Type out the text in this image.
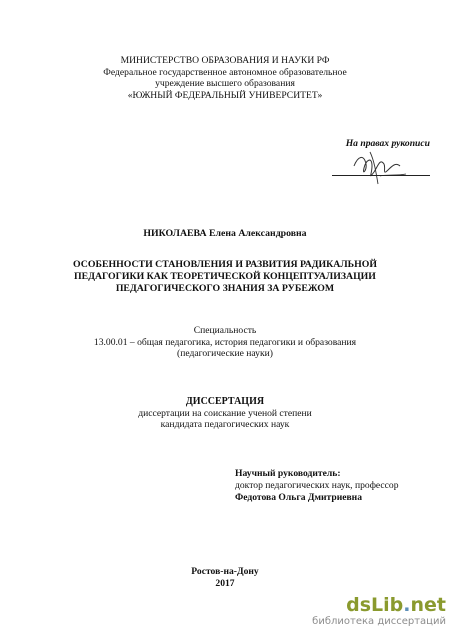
МИНИСТЕРСТВО ОБРАЗОВАНИЯ И НАУКИ РФ
Федеральное государственное автономное образовательное
учреждение высшего образования
«ЮЖНЫЙ ФЕДЕРАЛЬНЫЙ УНИВЕРСИТЕТ»
На правах рукописи
НИКОЛАЕВА Елена Александровна
ОСОБЕННОСТИ СТАНОВЛЕНИЯ И РАЗВИТИЯ РАДИКАЛЬНОЙ
ПЕДАГОГИКИ КАК ТЕОРЕТИЧЕСКОЙ КОНЦЕПТУАЛИЗАЦИИ
ПЕДАГОГИЧЕСКОГО ЗНАНИЯ ЗА РУБЕЖОМ
Специальность
13.00.01 – общая педагогика, история педагогики и образования
(педагогические науки)
ДИССЕРТАЦИЯ
диссертации на соискание ученой степени
кандидата педагогических наук
Научный руководитель:
доктор педагогических наук, профессор
Федотова Ольга Дмитриевна
Ростов-на-Дону
2017
dsLib.net
библиотека диссертаций
